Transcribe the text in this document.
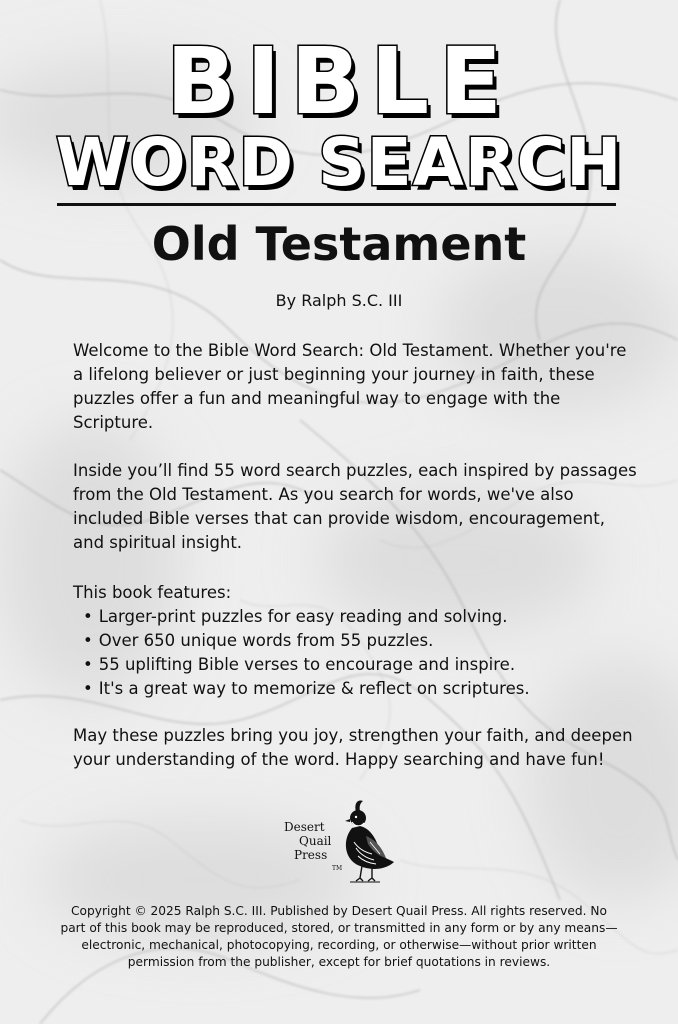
BIBLE
WORD SEARCH
Old Testament
By Ralph S.C. III
Welcome to the Bible Word Search: Old Testament. Whether you're a lifelong believer or just beginning your journey in faith, these puzzles offer a fun and meaningful way to engage with the Scripture.
Inside you’ll find 55 word search puzzles, each inspired by passages from the Old Testament. As you search for words, we've also included Bible verses that can provide wisdom, encouragement, and spiritual insight.
This book features:
• Larger-print puzzles for easy reading and solving.
• Over 650 unique words from 55 puzzles.
• 55 uplifting Bible verses to encourage and inspire.
• It's a great way to memorize & reflect on scriptures.
May these puzzles bring you joy, strengthen your faith, and deepen your understanding of the word. Happy searching and have fun!
Desert
Quail
Press
TM
Copyright © 2025 Ralph S.C. III. Published by Desert Quail Press. All rights reserved. No part of this book may be reproduced, stored, or transmitted in any form or by any means—electronic, mechanical, photocopying, recording, or otherwise—without prior written permission from the publisher, except for brief quotations in reviews.
